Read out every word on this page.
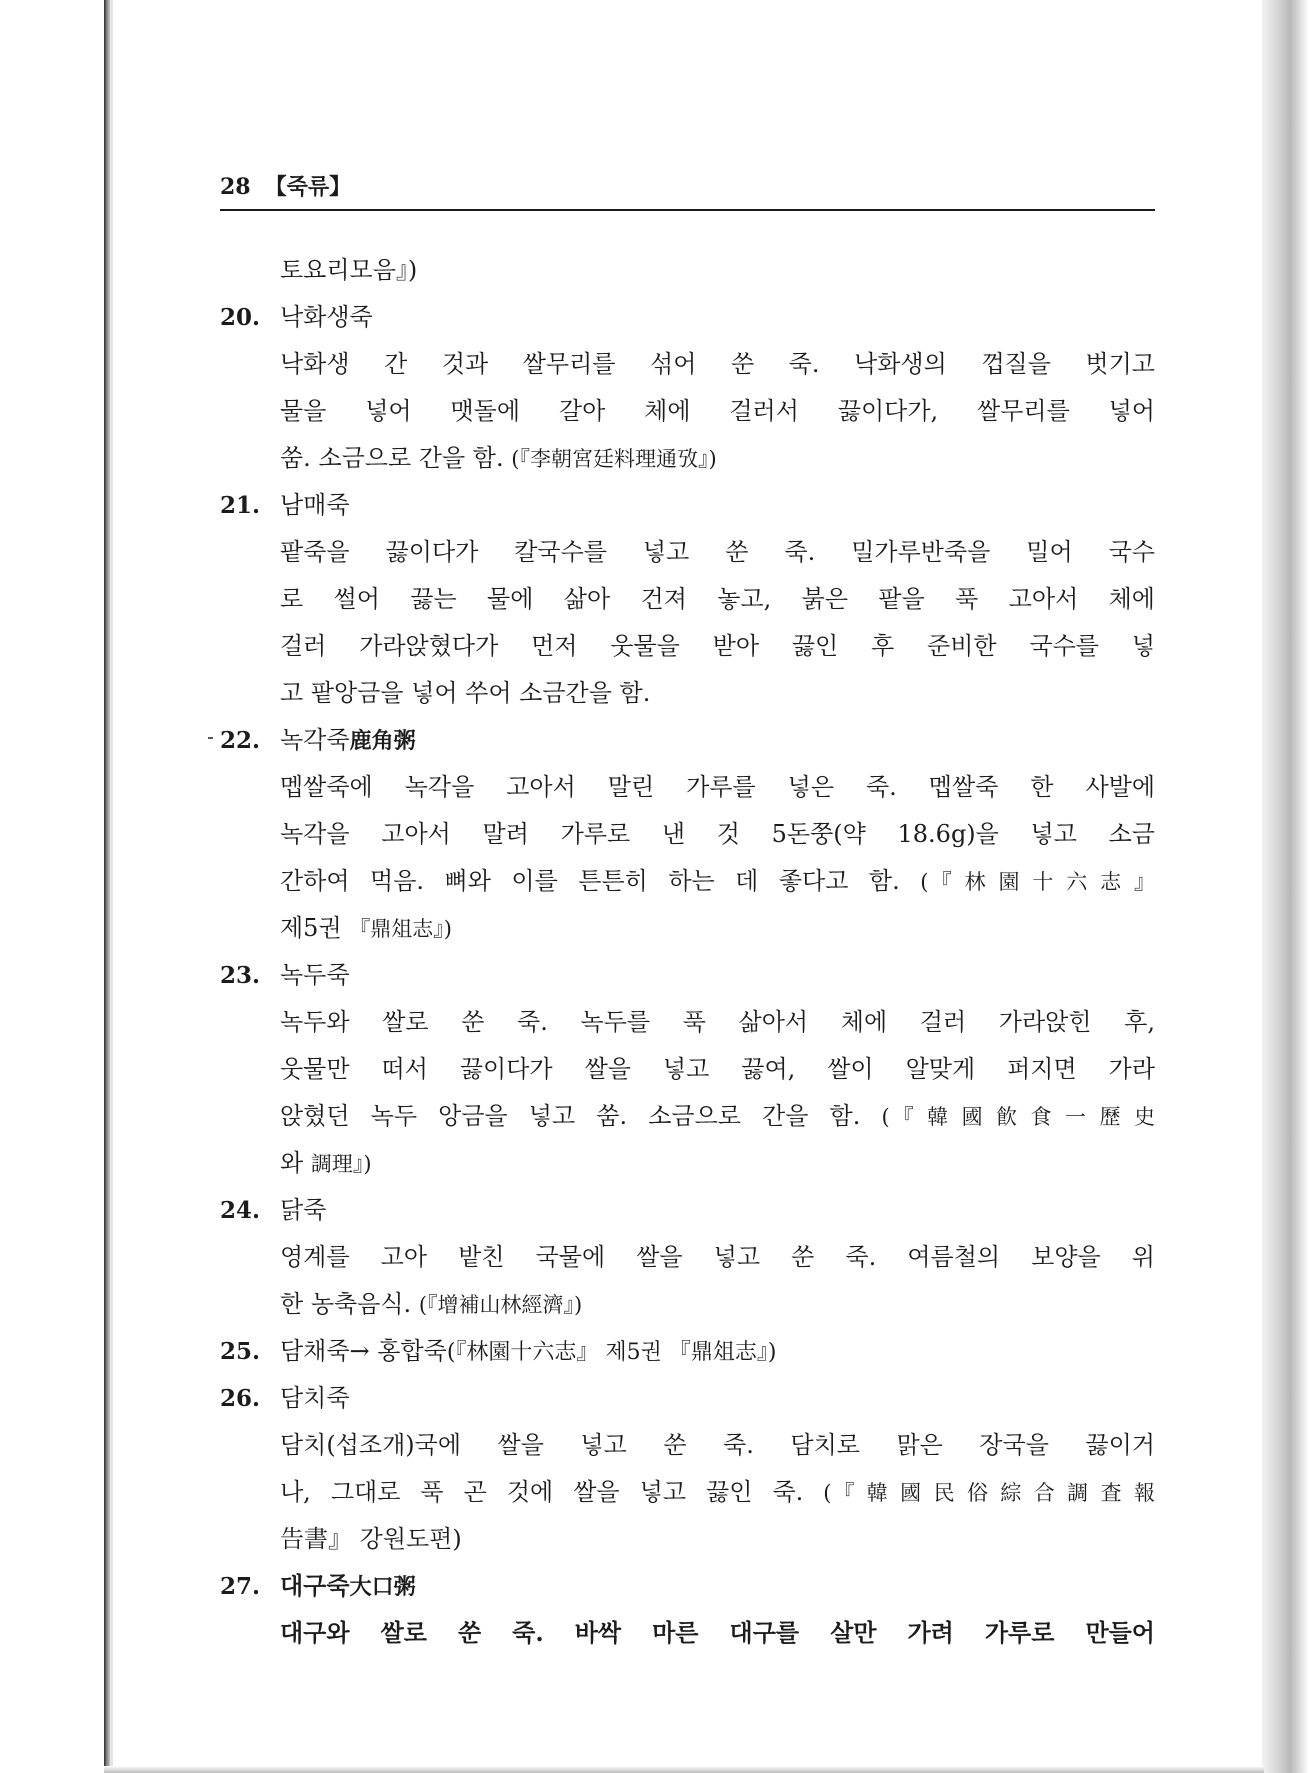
28 【죽류】
토요리모음』)
20. 낙화생죽
낙화생 간 것과 쌀무리를 섞어 쑨 죽. 낙화생의 껍질을 벗기고
물을 넣어 맷돌에 갈아 체에 걸러서 끓이다가, 쌀무리를 넣어
쑴. 소금으로 간을 함. (『李朝宮廷料理通攷』)
21. 남매죽
팥죽을 끓이다가 칼국수를 넣고 쑨 죽. 밀가루반죽을 밀어 국수
로 썰어 끓는 물에 삶아 건져 놓고, 붉은 팥을 푹 고아서 체에
걸러 가라앉혔다가 먼저 웃물을 받아 끓인 후 준비한 국수를 넣
고 팥앙금을 넣어 쑤어 소금간을 함.
22. 녹각죽鹿角粥
멥쌀죽에 녹각을 고아서 말린 가루를 넣은 죽. 멥쌀죽 한 사발에
녹각을 고아서 말려 가루로 낸 것 5돈쭝(약 18.6g)을 넣고 소금
간하여 먹음. 뼈와 이를 튼튼히 하는 데 좋다고 함. (『林園十六志』
제5권 『鼎俎志』)
23. 녹두죽
녹두와 쌀로 쑨 죽. 녹두를 푹 삶아서 체에 걸러 가라앉힌 후,
웃물만 떠서 끓이다가 쌀을 넣고 끓여, 쌀이 알맞게 퍼지면 가라
앉혔던 녹두 앙금을 넣고 쑴. 소금으로 간을 함. (『韓國飮食一歷史
와 調理』)
24. 닭죽
영계를 고아 밭친 국물에 쌀을 넣고 쑨 죽. 여름철의 보양을 위
한 농축음식. (『增補山林經濟』)
25. 담채죽→ 홍합죽(『林園十六志』 제5권 『鼎俎志』)
26. 담치죽
담치(섭조개)국에 쌀을 넣고 쑨 죽. 담치로 맑은 장국을 끓이거
나, 그대로 푹 곤 것에 쌀을 넣고 끓인 죽. (『韓國民俗綜合調査報
告書』 강원도편)
27. 대구죽大口粥
대구와 쌀로 쑨 죽. 바싹 마른 대구를 살만 가려 가루로 만들어
